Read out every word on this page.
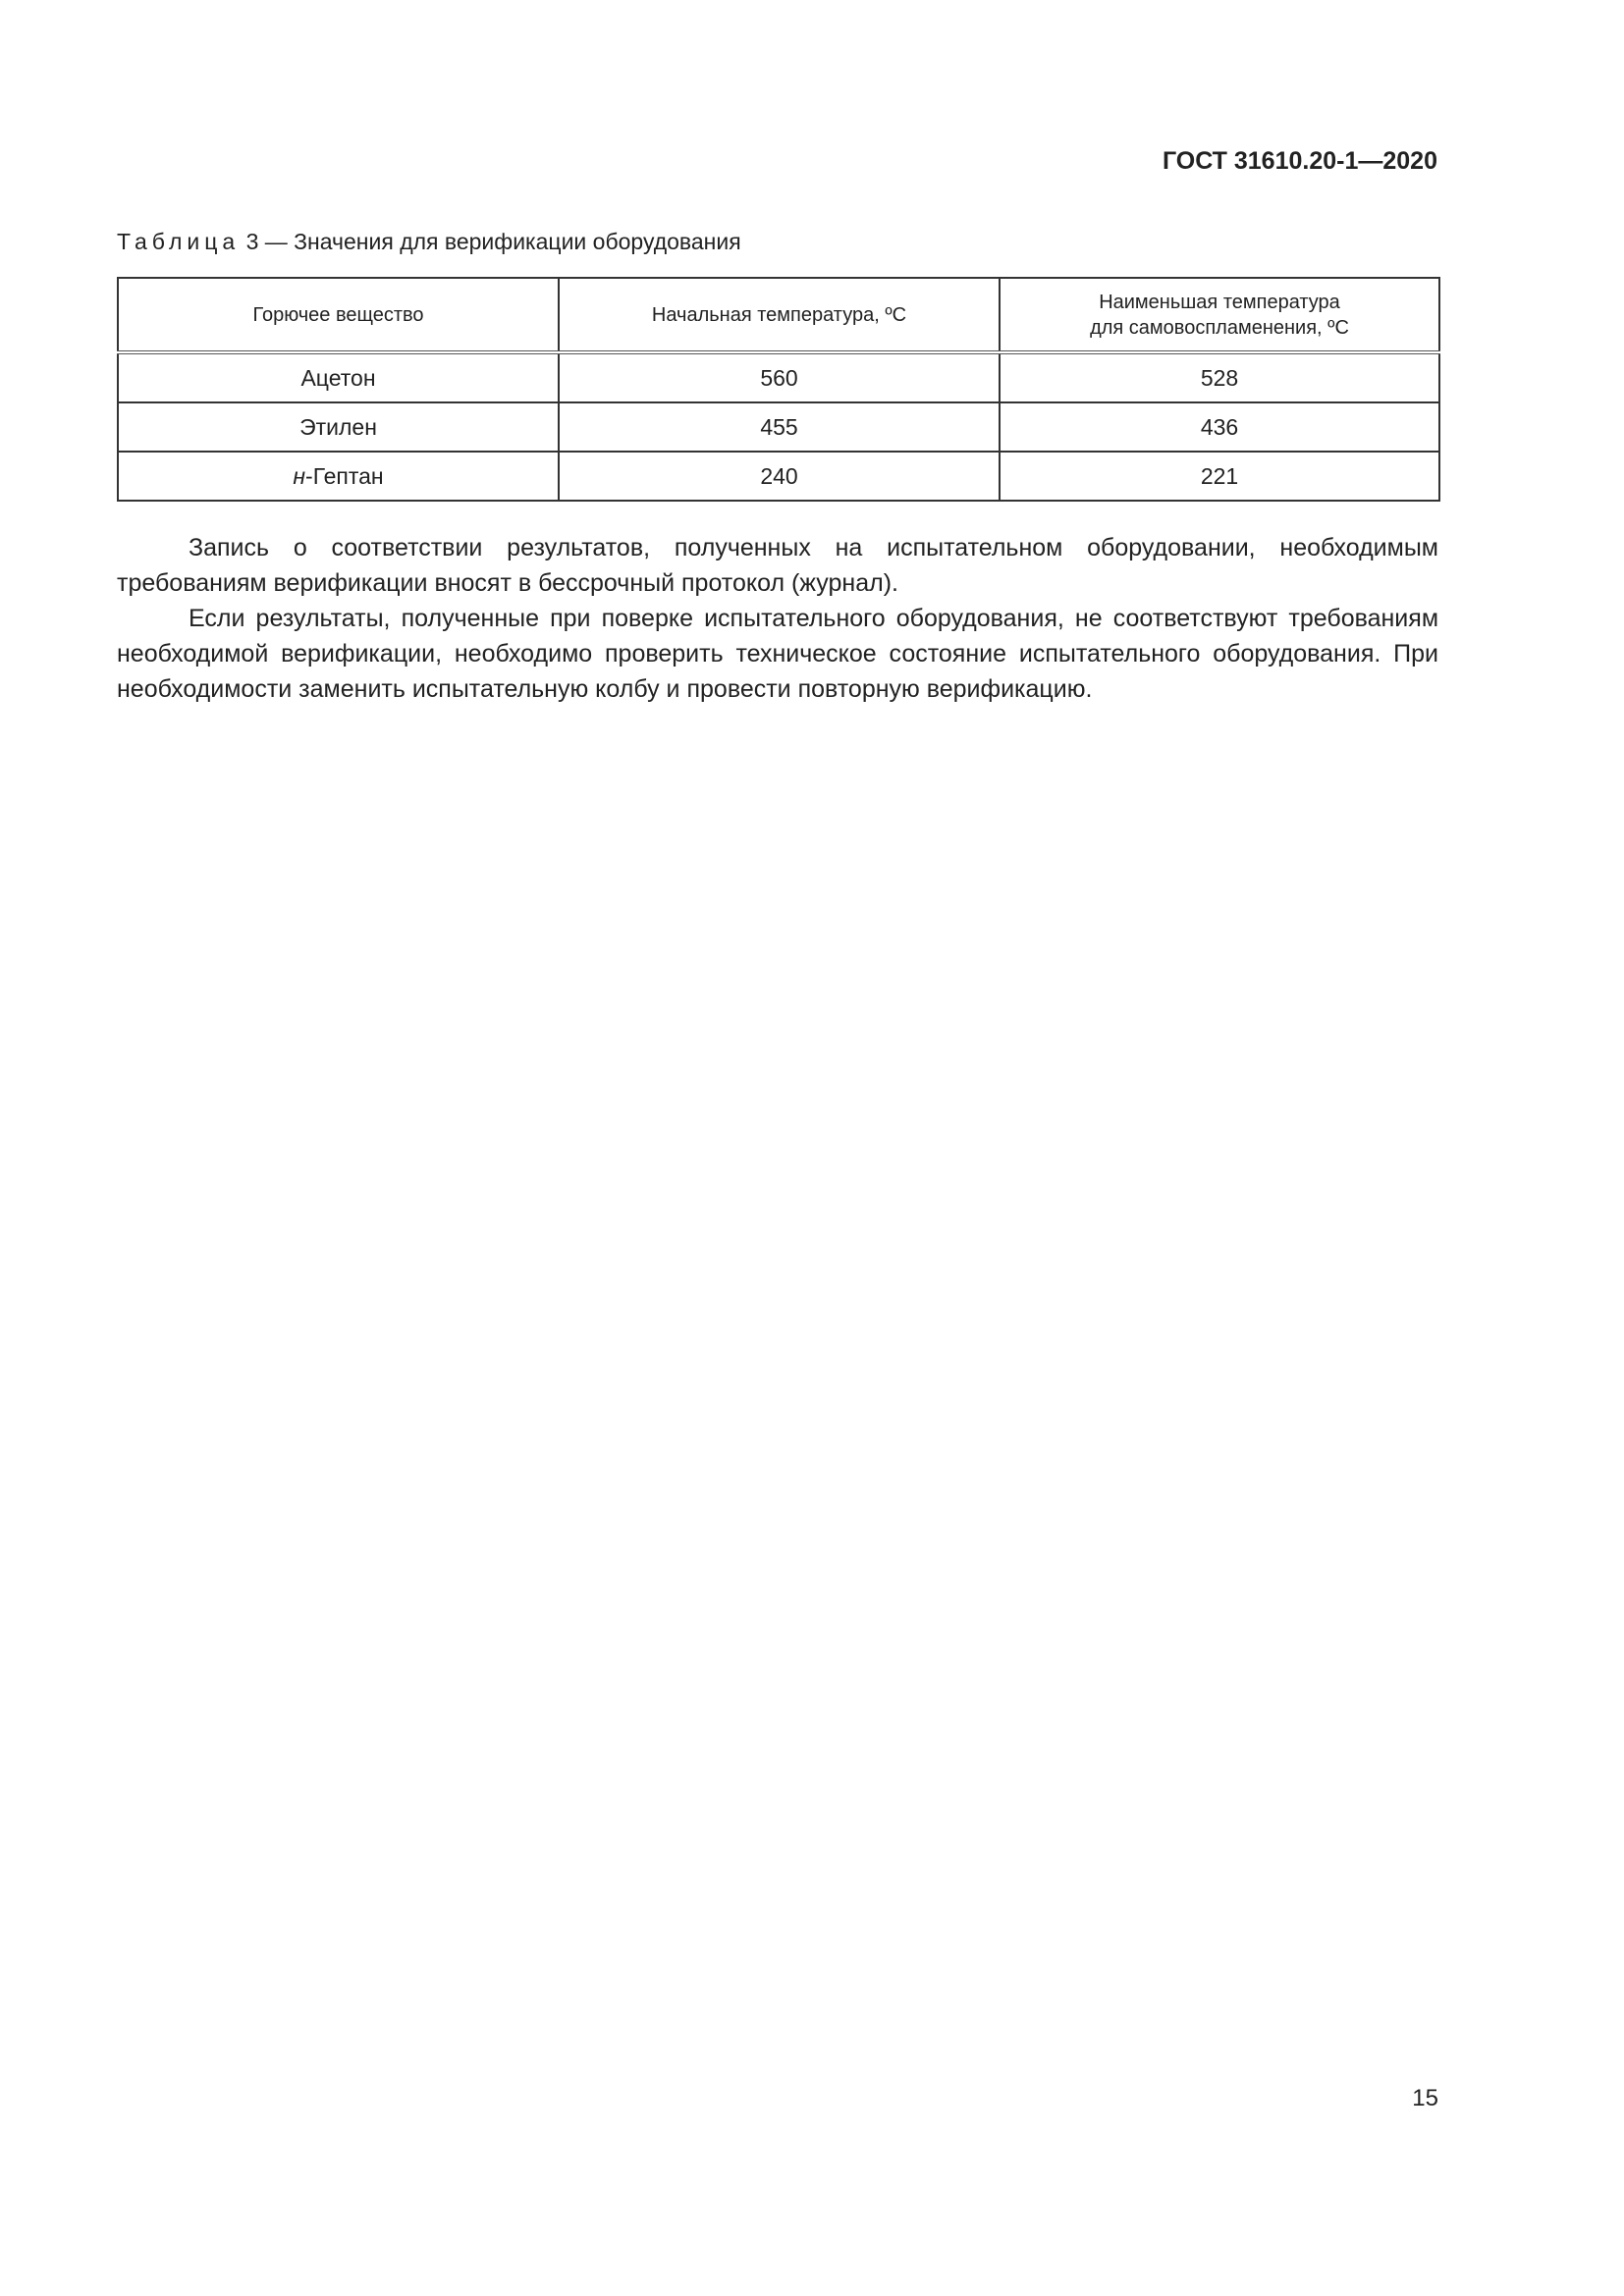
ГОСТ 31610.20-1—2020

Таблица 3 — Значения для верификации оборудования

Горючее вещество	Начальная температура, ºС	Наименьшая температура
для самовоспламенения, ºС
Ацетон	560	528
Этилен	455	436
н-Гептан	240	221

Запись о соответствии результатов, полученных на испытательном оборудовании, необходимым требованиям верификации вносят в бессрочный протокол (журнал).

Если результаты, полученные при поверке испытательного оборудования, не соответствуют требованиям необходимой верификации, необходимо проверить техническое состояние испытательного оборудования. При необходимости заменить испытательную колбу и провести повторную верификацию.

15
